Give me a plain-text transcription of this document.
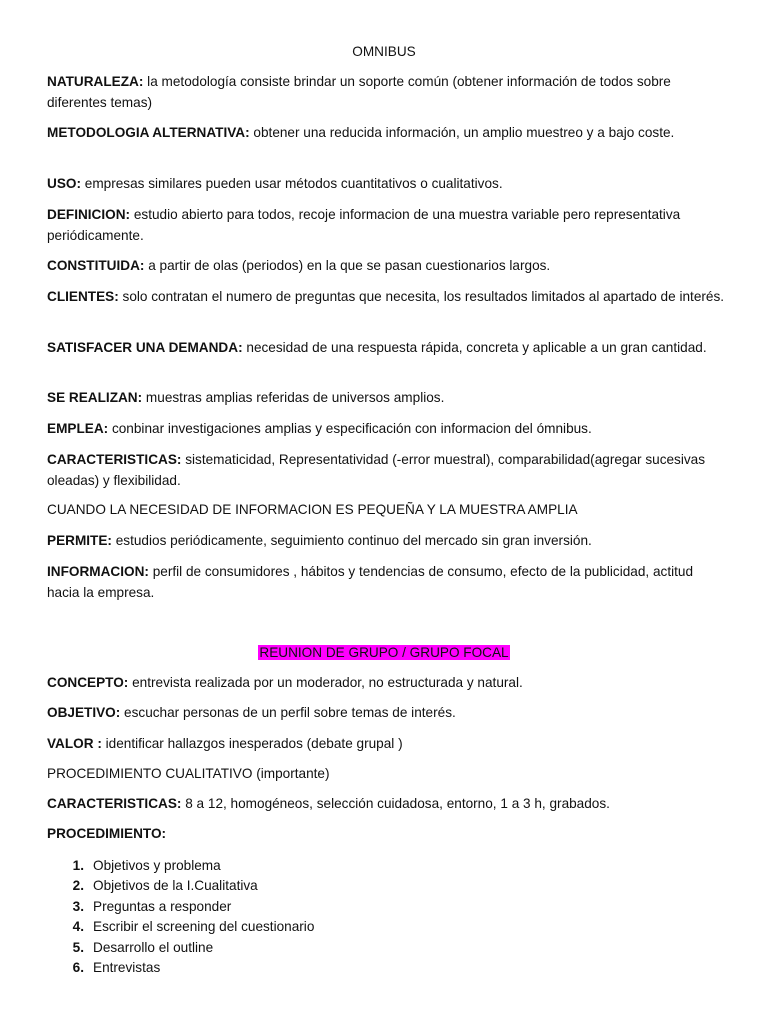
OMNIBUS
NATURALEZA: la metodología consiste brindar un soporte común (obtener información de todos sobre diferentes temas)
METODOLOGIA ALTERNATIVA: obtener una reducida información, un amplio muestreo y a bajo coste.
USO: empresas similares pueden usar métodos cuantitativos o cualitativos.
DEFINICION: estudio abierto para todos, recoje informacion de una muestra variable pero representativa periódicamente.
CONSTITUIDA: a partir de olas (periodos) en la que se pasan cuestionarios largos.
CLIENTES: solo contratan el numero de preguntas que necesita, los resultados limitados al apartado de interés.
SATISFACER UNA DEMANDA: necesidad de una respuesta rápida, concreta y aplicable a un gran cantidad.
SE REALIZAN: muestras amplias referidas de universos amplios.
EMPLEA: conbinar investigaciones amplias y especificación con informacion del ómnibus.
CARACTERISTICAS: sistematicidad, Representatividad (-error muestral), comparabilidad(agregar sucesivas oleadas) y flexibilidad.
CUANDO LA NECESIDAD DE INFORMACION ES PEQUEÑA Y LA MUESTRA AMPLIA
PERMITE: estudios periódicamente, seguimiento continuo del mercado sin gran inversión.
INFORMACION: perfil de consumidores , hábitos y tendencias de consumo, efecto de la publicidad, actitud hacia la empresa.
REUNION DE GRUPO / GRUPO FOCAL
CONCEPTO: entrevista realizada por un moderador, no estructurada y natural.
OBJETIVO: escuchar personas de un perfil sobre temas de interés.
VALOR : identificar hallazgos inesperados (debate grupal )
PROCEDIMIENTO CUALITATIVO (importante)
CARACTERISTICAS: 8 a 12, homogéneos, selección cuidadosa, entorno, 1 a 3 h, grabados.
PROCEDIMIENTO:
1. Objetivos y problema
2. Objetivos de la I.Cualitativa
3. Preguntas a responder
4. Escribir el screening del cuestionario
5. Desarrollo el outline
6. Entrevistas
